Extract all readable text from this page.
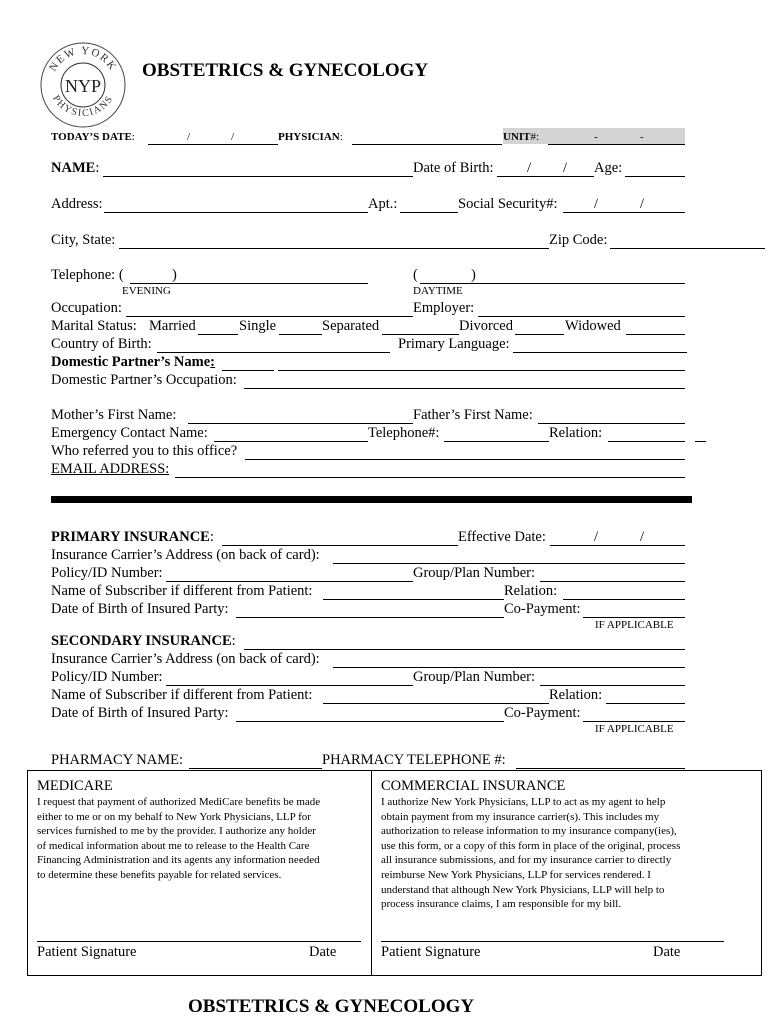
NEW YORK
PHYSICIANS
NYP
OBSTETRICS & GYNECOLOGY
TODAY’S DATE:	/	/	PHYSICIAN:	UNIT#:	-	-
NAME:	Date of Birth: / / Age:
Address:	Apt.:	Social Security#:	/	/
City, State:	Zip Code:
Telephone: (	)
EVENING
(	)
DAYTIME
Occupation:	Employer:
Marital Status: Married	Single	Separated	Divorced	Widowed
Country of Birth:	Primary Language:
Domestic Partner’s Name:
Domestic Partner’s Occupation:
Mother’s First Name:	Father’s First Name:
Emergency Contact Name:	Telephone#:	Relation:
Who referred you to this office?
EMAIL ADDRESS:
PRIMARY INSURANCE:	Effective Date:	/	/
Insurance Carrier’s Address (on back of card):
Policy/ID Number:	Group/Plan Number:
Name of Subscriber if different from Patient:	Relation:
Date of Birth of Insured Party:	Co-Payment:
IF APPLICABLE
SECONDARY INSURANCE:
Insurance Carrier’s Address (on back of card):
Policy/ID Number:	Group/Plan Number:
Name of Subscriber if different from Patient:	Relation:
Date of Birth of Insured Party:	Co-Payment:
IF APPLICABLE
PHARMACY NAME:	PHARMACY TELEPHONE #:
MEDICARE
I request that payment of authorized MediCare benefits be made
either to me or on my behalf to New York Physicians, LLP for
services furnished to me by the provider. I authorize any holder
of medical information about me to release to the Health Care
Financing Administration and its agents any information needed
to determine these benefits payable for related services.
Patient Signature	Date
COMMERCIAL INSURANCE
I authorize New York Physicians, LLP to act as my agent to help
obtain payment from my insurance carrier(s). This includes my
authorization to release information to my insurance company(ies),
use this form, or a copy of this form in place of the original, process
all insurance submissions, and for my insurance carrier to directly
reimburse New York Physicians, LLP for services rendered. I
understand that although New York Physicians, LLP will help to
process insurance claims, I am responsible for my bill.
Patient Signature	Date
OBSTETRICS & GYNECOLOGY
